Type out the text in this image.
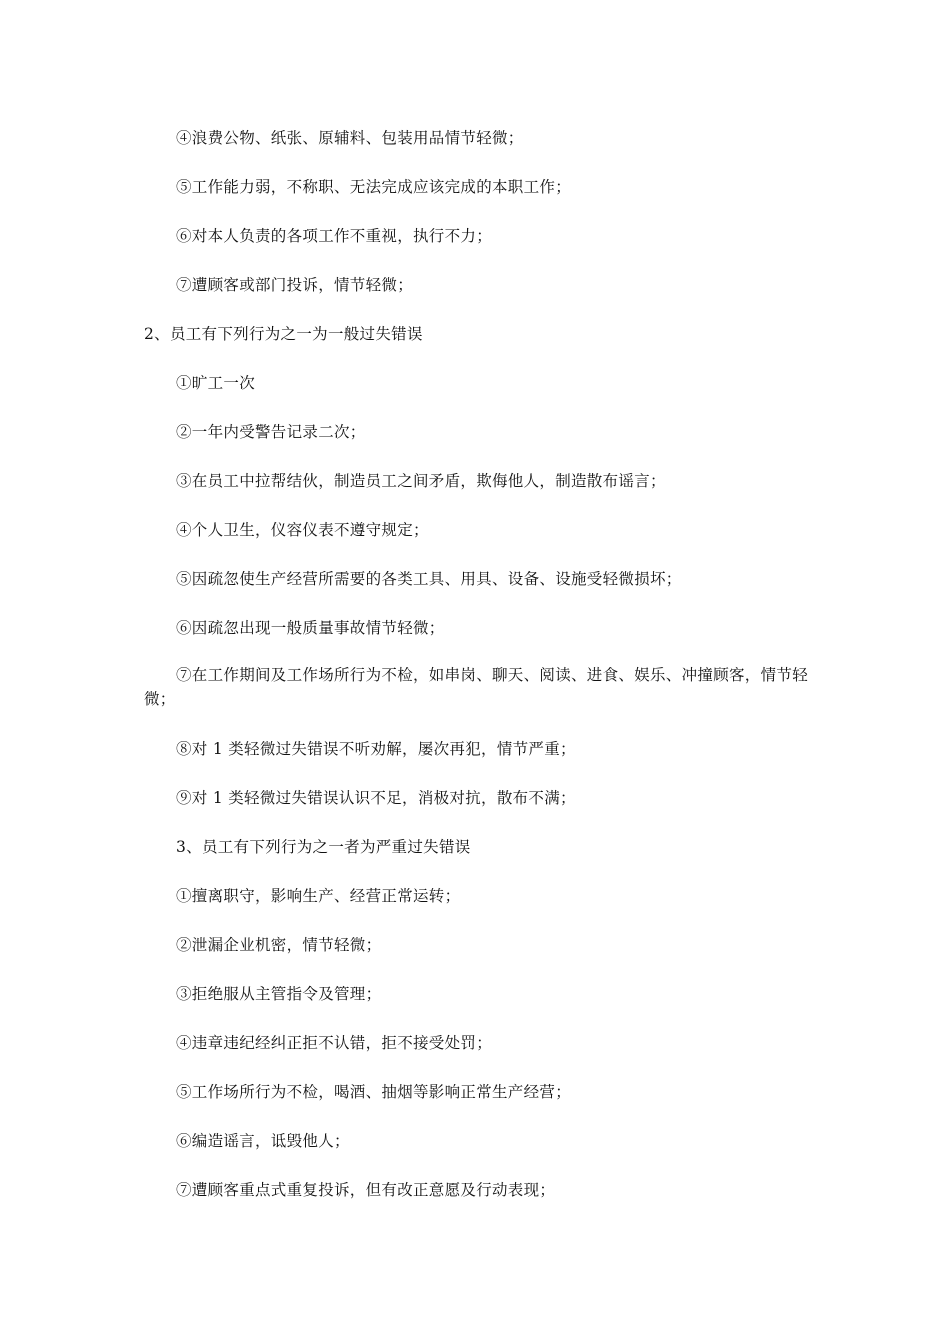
④浪费公物、纸张、原辅料、包装用品情节轻微；
⑤工作能力弱，不称职、无法完成应该完成的本职工作；
⑥对本人负责的各项工作不重视，执行不力；
⑦遭顾客或部门投诉，情节轻微；
2、员工有下列行为之一为一般过失错误
①旷工一次
②一年内受警告记录二次；
③在员工中拉帮结伙，制造员工之间矛盾，欺侮他人，制造散布谣言；
④个人卫生，仪容仪表不遵守规定；
⑤因疏忽使生产经营所需要的各类工具、用具、设备、设施受轻微损坏；
⑥因疏忽出现一般质量事故情节轻微；
⑦在工作期间及工作场所行为不检，如串岗、聊天、阅读、进食、娱乐、冲撞顾客，情节轻微；
⑧对 1 类轻微过失错误不听劝解，屡次再犯，情节严重；
⑨对 1 类轻微过失错误认识不足，消极对抗，散布不满；
3、员工有下列行为之一者为严重过失错误
①擅离职守，影响生产、经营正常运转；
②泄漏企业机密，情节轻微；
③拒绝服从主管指令及管理；
④违章违纪经纠正拒不认错，拒不接受处罚；
⑤工作场所行为不检，喝酒、抽烟等影响正常生产经营；
⑥编造谣言，诋毁他人；
⑦遭顾客重点式重复投诉，但有改正意愿及行动表现；
